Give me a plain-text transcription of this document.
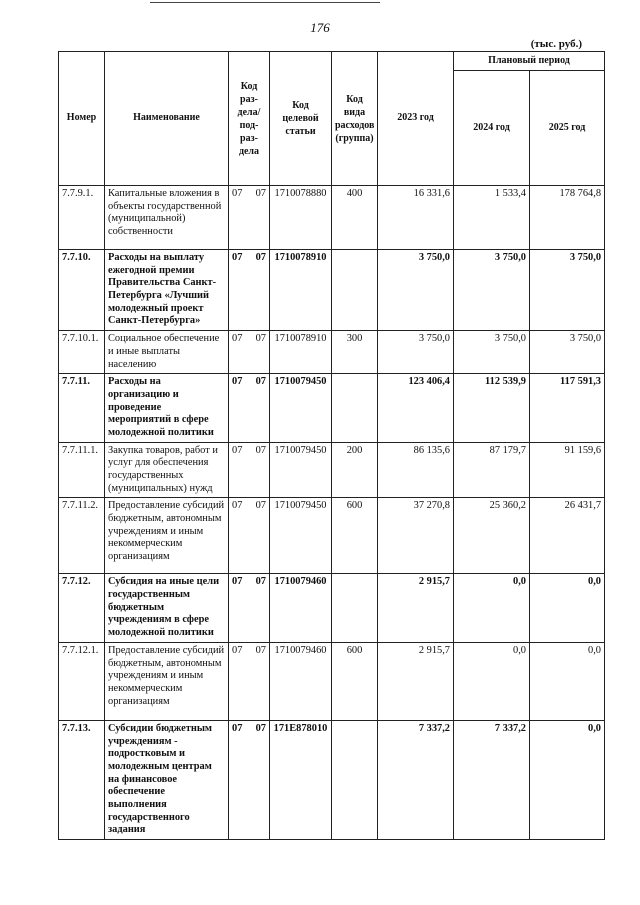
176
(тыс. руб.)
Номер	Наименование	Код раз- дела/ под- раз- дела	Код целевой статьи	Код вида расходов (группа)	2023 год	Плановый период	
						2024 год	2025 год
7.7.9.1.	Капитальные вложения в объекты государственной (муниципальной) собственности	07 07	1710078880	400	16 331,6	1 533,4	178 764,8
7.7.10.	Расходы на выплату ежегодной премии Правительства Санкт-Петербурга «Лучший молодежный проект Санкт-Петербурга»	07 07	1710078910		3 750,0	3 750,0	3 750,0
7.7.10.1.	Социальное обеспечение и иные выплаты населению	07 07	1710078910	300	3 750,0	3 750,0	3 750,0
7.7.11.	Расходы на организацию и проведение мероприятий в сфере молодежной политики	07 07	1710079450		123 406,4	112 539,9	117 591,3
7.7.11.1.	Закупка товаров, работ и услуг для обеспечения государственных (муниципальных) нужд	07 07	1710079450	200	86 135,6	87 179,7	91 159,6
7.7.11.2.	Предоставление субсидий бюджетным, автономным учреждениям и иным некоммерческим организациям	07 07	1710079450	600	37 270,8	25 360,2	26 431,7
7.7.12.	Субсидия на иные цели государственным бюджетным учреждениям в сфере молодежной политики	07 07	1710079460		2 915,7	0,0	0,0
7.7.12.1.	Предоставление субсидий бюджетным, автономным учреждениям и иным некоммерческим организациям	07 07	1710079460	600	2 915,7	0,0	0,0
7.7.13.	Субсидии бюджетным учреждениям - подростковым и молодежным центрам на финансовое обеспечение выполнения государственного задания	07 07	171E878010		7 337,2	7 337,2	0,0
